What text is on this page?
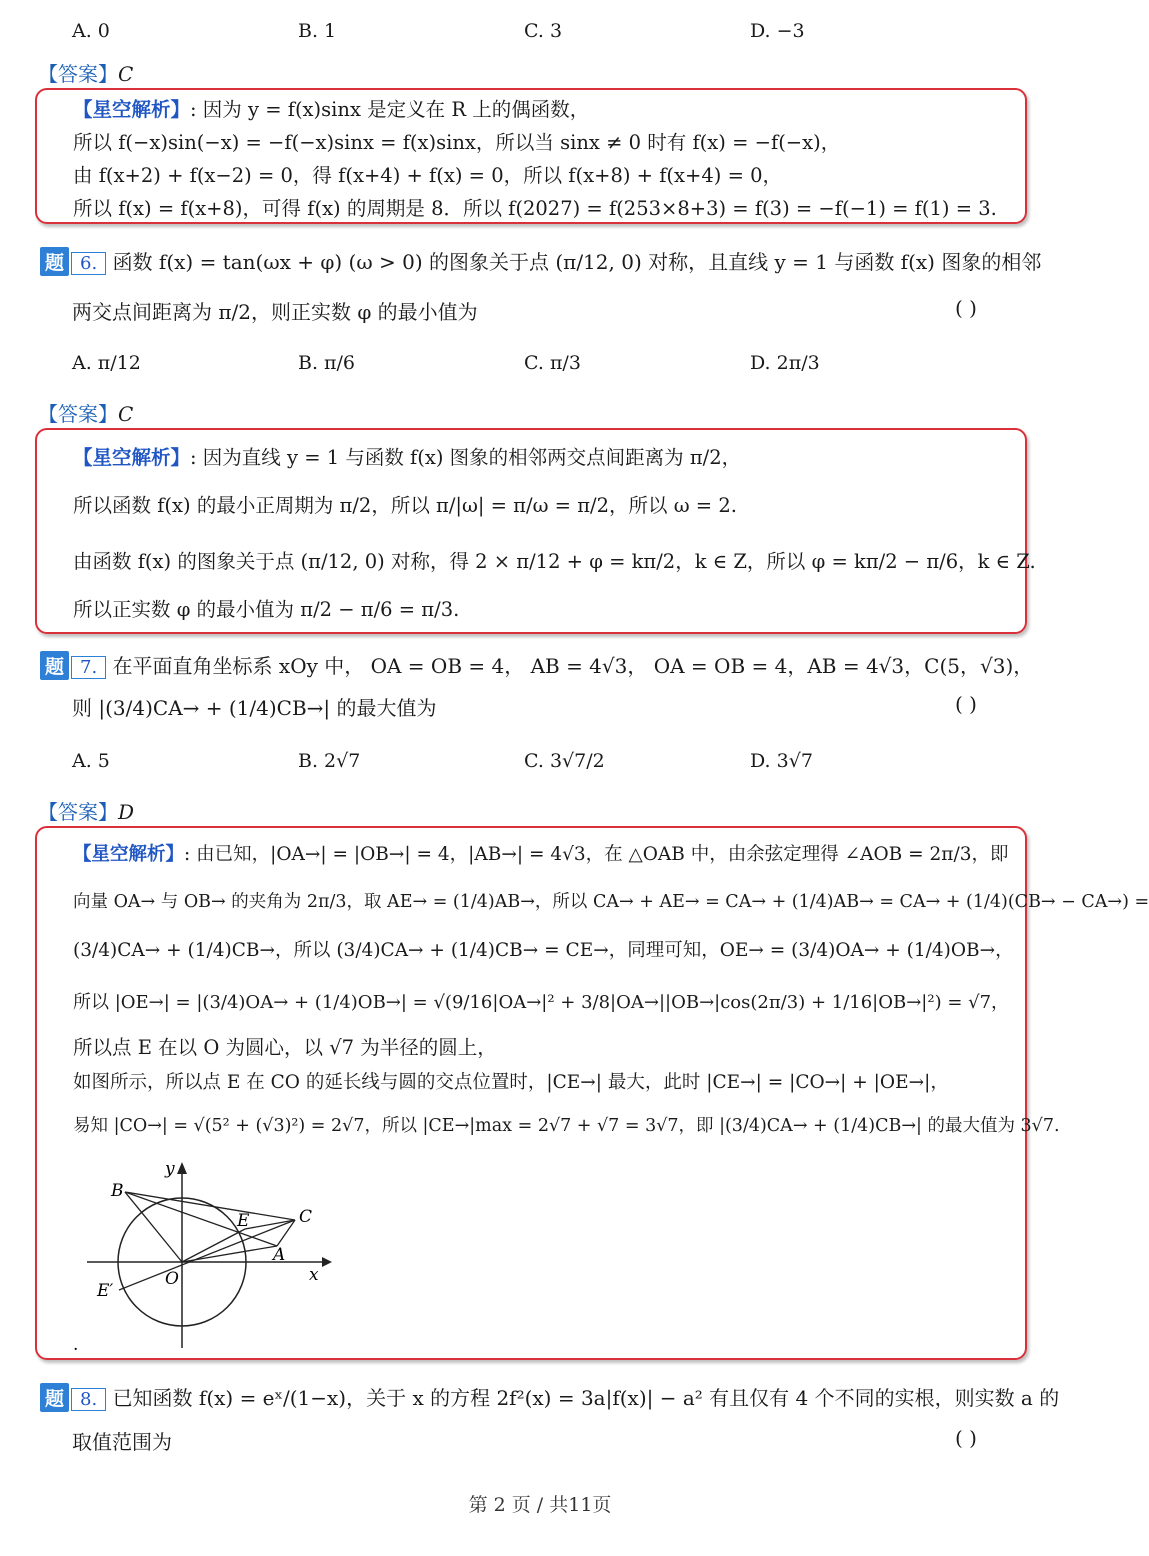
A. 0	B. 1	C. 3	D. −3
【答案】C
【星空解析】: 因为 y = f(x)sinx 是定义在 R 上的偶函数，
所以 f(−x)sin(−x) = −f(−x)sinx = f(x)sinx，所以当 sinx ≠ 0 时有 f(x) = −f(−x)，
由 f(x+2) + f(x−2) = 0，得 f(x+4) + f(x) = 0，所以 f(x+8) + f(x+4) = 0，
所以 f(x) = f(x+8)，可得 f(x) 的周期是 8．所以 f(2027) = f(253×8+3) = f(3) = −f(−1) = f(1) = 3.
题 6. 函数 f(x) = tan(ωx + φ) (ω > 0) 的图象关于点 (π/12, 0) 对称，且直线 y = 1 与函数 f(x) 图象的相邻
两交点间距离为 π/2，则正实数 φ 的最小值为	( )
A. π/12	B. π/6	C. π/3	D. 2π/3
【答案】C
【星空解析】: 因为直线 y = 1 与函数 f(x) 图象的相邻两交点间距离为 π/2，
所以函数 f(x) 的最小正周期为 π/2，所以 π/|ω| = π/ω = π/2，所以 ω = 2.
由函数 f(x) 的图象关于点 (π/12, 0) 对称，得 2 × π/12 + φ = kπ/2，k ∈ Z，所以 φ = kπ/2 − π/6，k ∈ Z.
所以正实数 φ 的最小值为 π/2 − π/6 = π/3.
题 7. 在平面直角坐标系 xOy 中， OA = OB = 4， AB = 4√3， OA = OB = 4，AB = 4√3，C(5，√3)，
则 |(3/4)CA→ + (1/4)CB→| 的最大值为	( )
A. 5	B. 2√7	C. 3√7/2	D. 3√7
【答案】D
【星空解析】: 由已知，|OA→| = |OB→| = 4，|AB→| = 4√3，在 △OAB 中，由余弦定理得 ∠AOB = 2π/3，即
向量 OA→ 与 OB→ 的夹角为 2π/3，取 AE→ = (1/4)AB→，所以 CA→ + AE→ = CA→ + (1/4)AB→ = CA→ + (1/4)(CB→ − CA→) =
(3/4)CA→ + (1/4)CB→，所以 (3/4)CA→ + (1/4)CB→ = CE→，同理可知，OE→ = (3/4)OA→ + (1/4)OB→，
所以 |OE→| = |(3/4)OA→ + (1/4)OB→| = √(9/16|OA→|² + 3/8|OA→||OB→|cos(2π/3) + 1/16|OB→|²) = √7，
所以点 E 在以 O 为圆心，以 √7 为半径的圆上，
如图所示，所以点 E 在 CO 的延长线与圆的交点位置时，|CE→| 最大，此时 |CE→| = |CO→| + |OE→|，
易知 |CO→| = √(5² + (√3)²) = 2√7，所以 |CE→|max = 2√7 + √7 = 3√7，即 |(3/4)CA→ + (1/4)CB→| 的最大值为 3√7.
B
C
E
A
O
E′
x
y
.
题 8. 已知函数 f(x) = eˣ/(1−x)，关于 x 的方程 2f²(x) = 3a|f(x)| − a² 有且仅有 4 个不同的实根，则实数 a 的
取值范围为	( )
第 2 页 / 共11页
